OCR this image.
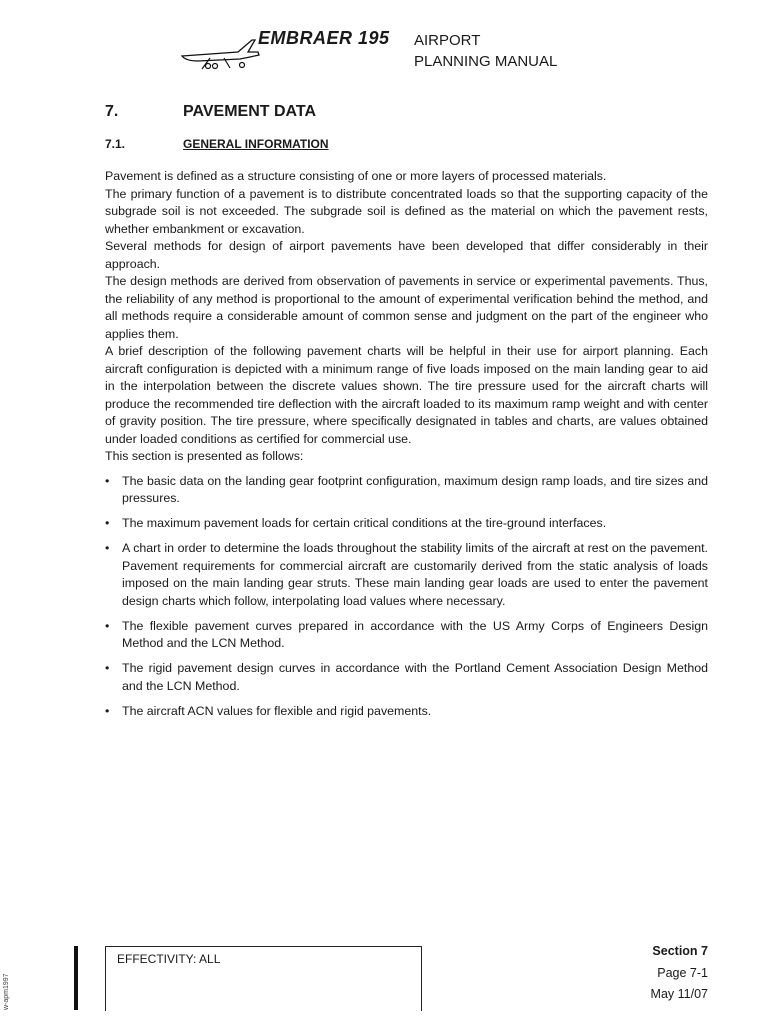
EMBRAER 195 AIRPORT
PLANNING MANUAL
7.	PAVEMENT DATA
7.1.	GENERAL INFORMATION

Pavement is defined as a structure consisting of one or more layers of processed materials.

The primary function of a pavement is to distribute concentrated loads so that the supporting capacity of the subgrade soil is not exceeded. The subgrade soil is defined as the material on which the pavement rests, whether embankment or excavation.

Several methods for design of airport pavements have been developed that differ considerably in their approach.

The design methods are derived from observation of pavements in service or experimental pavements. Thus, the reliability of any method is proportional to the amount of experimental verification behind the method, and all methods require a considerable amount of common sense and judgment on the part of the engineer who applies them.

A brief description of the following pavement charts will be helpful in their use for airport planning. Each aircraft configuration is depicted with a minimum range of five loads imposed on the main landing gear to aid in the interpolation between the discrete values shown. The tire pressure used for the aircraft charts will produce the recommended tire deflection with the aircraft loaded to its maximum ramp weight and with center of gravity position. The tire pressure, where specifically designated in tables and charts, are values obtained under loaded conditions as certified for commercial use.

This section is presented as follows:

• The basic data on the landing gear footprint configuration, maximum design ramp loads, and tire sizes and pressures.
• The maximum pavement loads for certain critical conditions at the tire-ground interfaces.
• A chart in order to determine the loads throughout the stability limits of the aircraft at rest on the pavement. Pavement requirements for commercial aircraft are customarily derived from the static analysis of loads imposed on the main landing gear struts. These main landing gear loads are used to enter the pavement design charts which follow, interpolating load values where necessary.
• The flexible pavement curves prepared in accordance with the US Army Corps of Engineers Design Method and the LCN Method.
• The rigid pavement design curves in accordance with the Portland Cement Association Design Method and the LCN Method.
• The aircraft ACN values for flexible and rigid pavements.
w-apm1997
EFFECTIVITY: ALL
Section 7
Page 7-1
May 11/07
